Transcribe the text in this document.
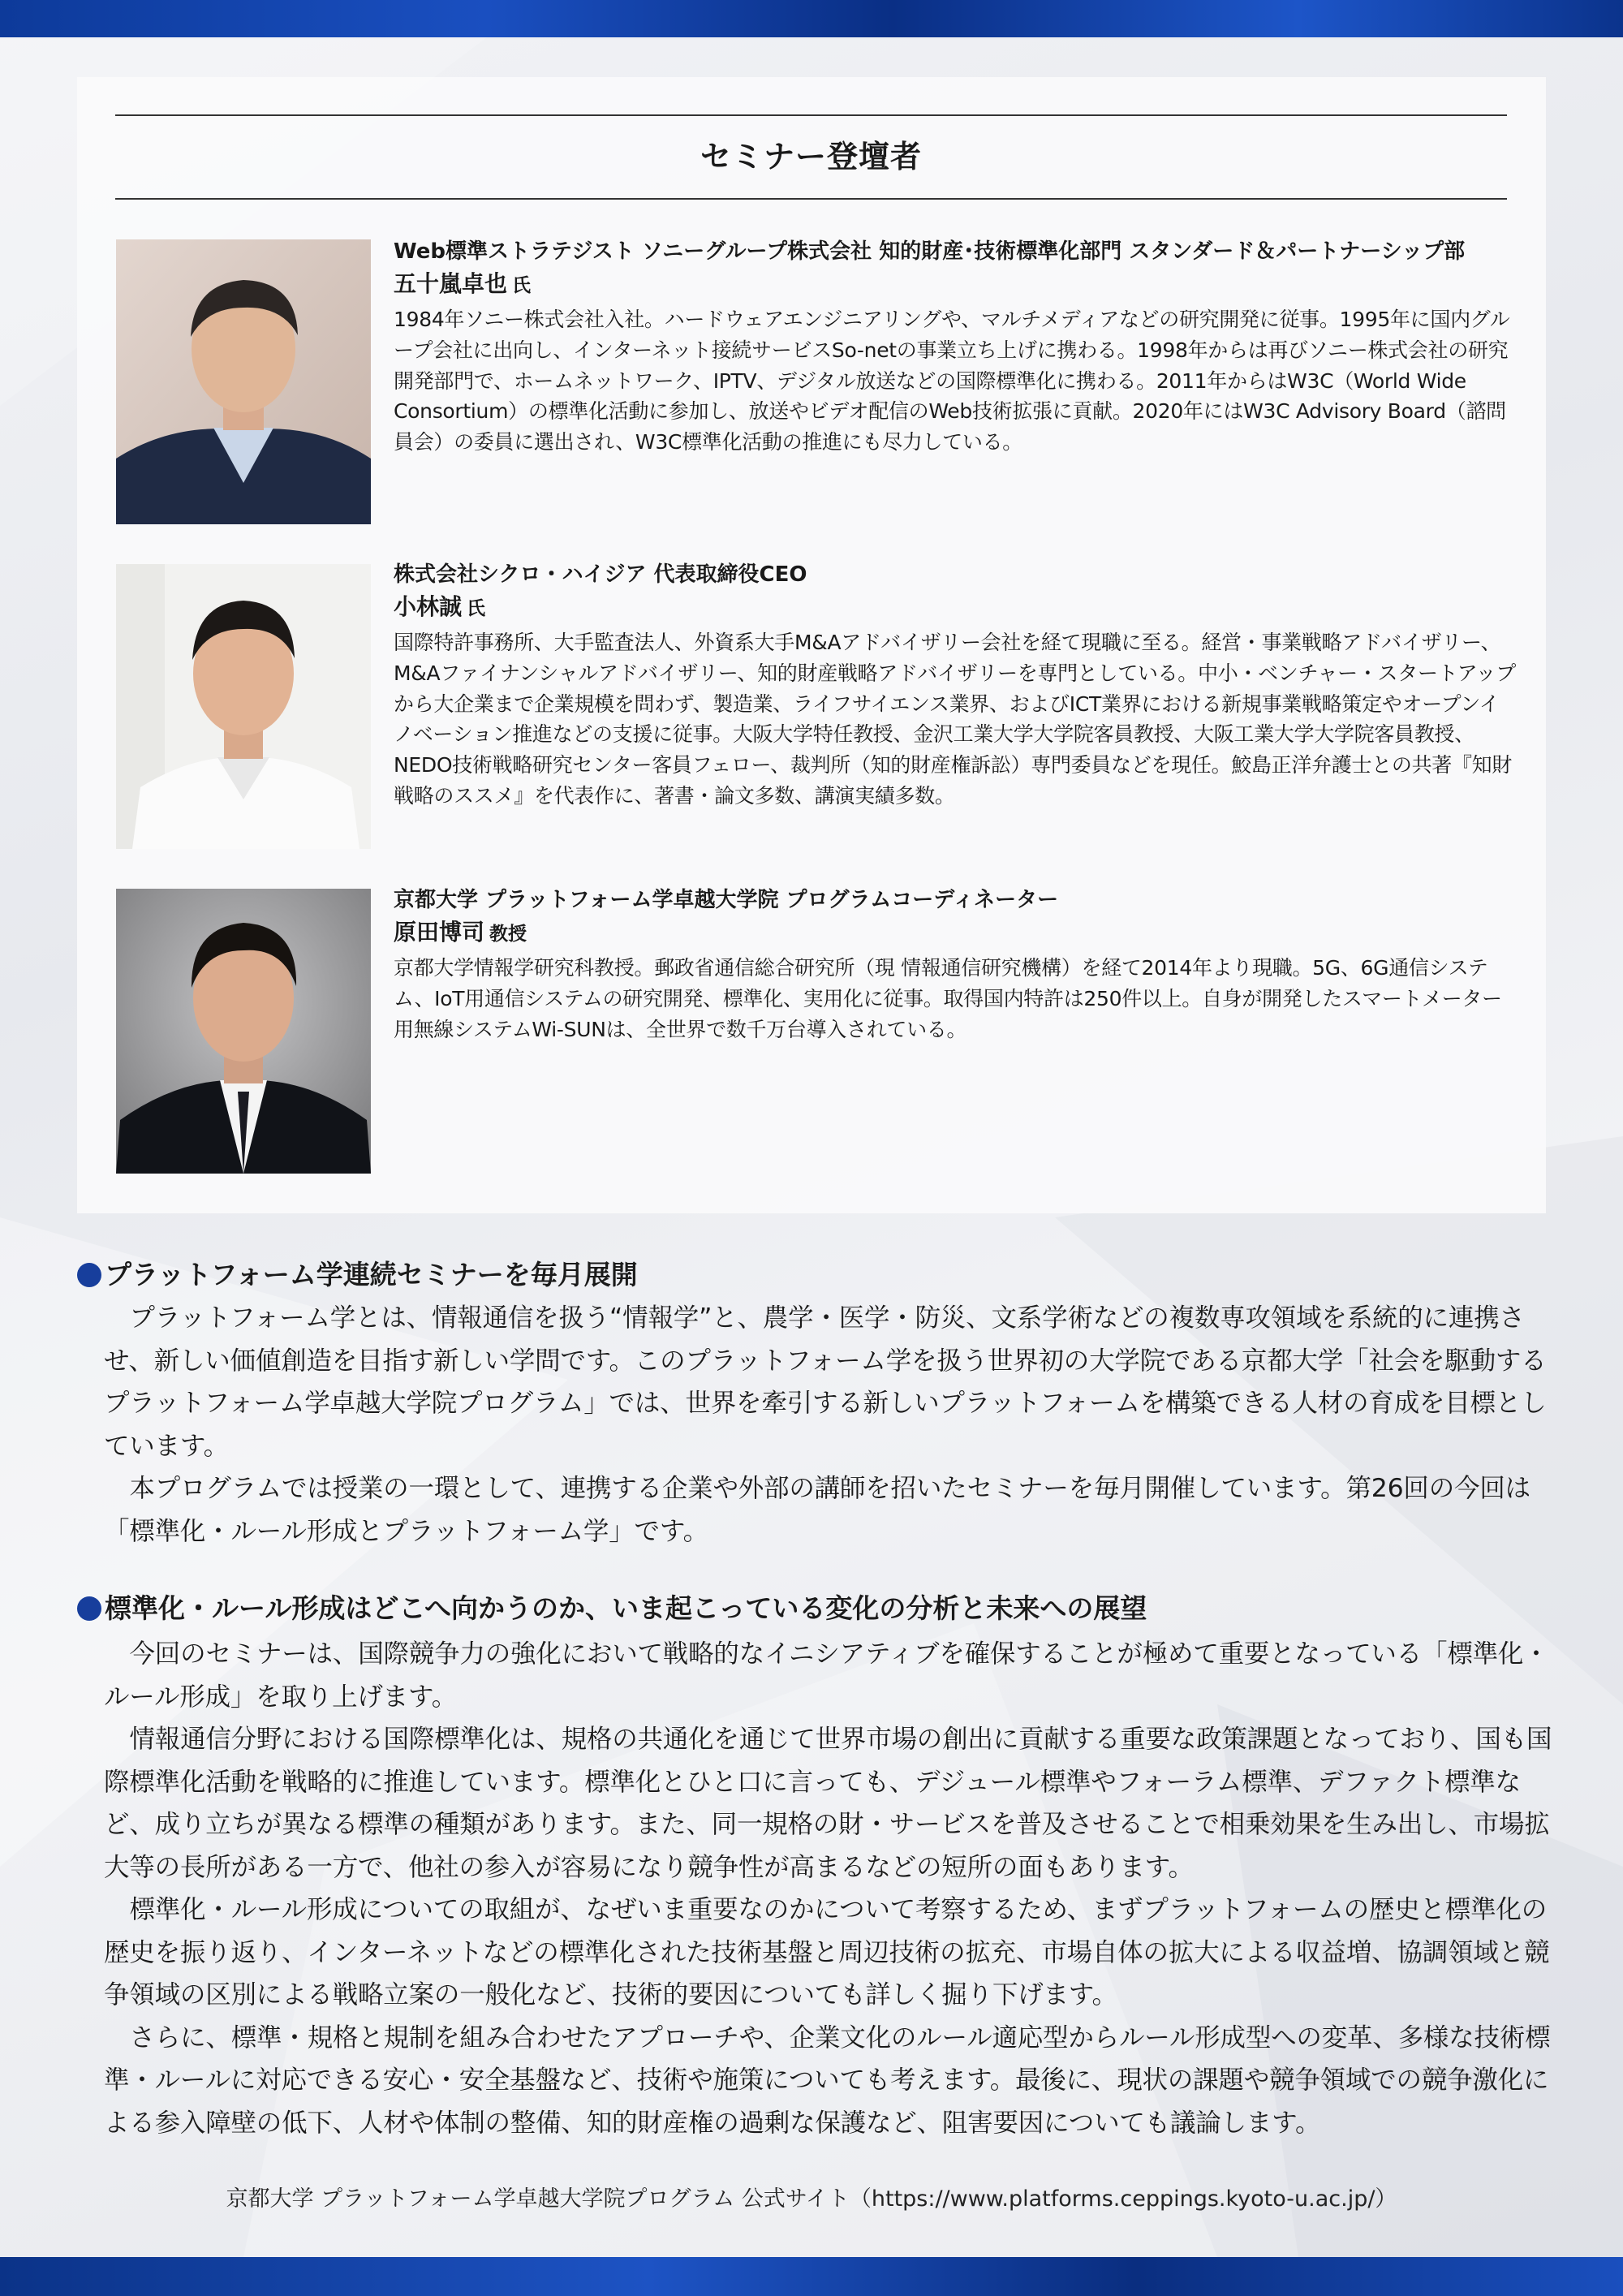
セミナー登壇者
Web標準ストラテジスト ソニーグループ株式会社 知的財産･技術標準化部門 スタンダード＆パートナーシップ部
五十嵐卓也 氏
1984年ソニー株式会社入社。ハードウェアエンジニアリングや、マルチメディアなどの研究開発に従事。1995年に国内グループ会社に出向し、インターネット接続サービスSo-netの事業立ち上げに携わる。1998年からは再びソニー株式会社の研究開発部門で、ホームネットワーク、IPTV、デジタル放送などの国際標準化に携わる。2011年からはW3C（World Wide Consortium）の標準化活動に参加し、放送やビデオ配信のWeb技術拡張に貢献。2020年にはW3C Advisory Board（諮問員会）の委員に選出され、W3C標準化活動の推進にも尽力している。
株式会社シクロ・ハイジア 代表取締役CEO
小林誠 氏
国際特許事務所、大手監査法人、外資系大手M&Aアドバイザリー会社を経て現職に至る。経営・事業戦略アドバイザリー、M&Aファイナンシャルアドバイザリー、知的財産戦略アドバイザリーを専門としている。中小・ベンチャー・スタートアップから大企業まで企業規模を問わず、製造業、ライフサイエンス業界、およびICT業界における新規事業戦略策定やオープンイノベーション推進などの支援に従事。大阪大学特任教授、金沢工業大学大学院客員教授、大阪工業大学大学院客員教授、NEDO技術戦略研究センター客員フェロー、裁判所（知的財産権訴訟）専門委員などを現任。鮫島正洋弁護士との共著『知財戦略のススメ』を代表作に、著書・論文多数、講演実績多数。
京都大学 プラットフォーム学卓越大学院 プログラムコーディネーター
原田博司 教授
京都大学情報学研究科教授。郵政省通信総合研究所（現 情報通信研究機構）を経て2014年より現職。5G、6G通信システム、IoT用通信システムの研究開発、標準化、実用化に従事。取得国内特許は250件以上。自身が開発したスマートメーター用無線システムWi-SUNは、全世界で数千万台導入されている。
プラットフォーム学連続セミナーを毎月展開

プラットフォーム学とは、情報通信を扱う“情報学”と、農学・医学・防災、文系学術などの複数専攻領域を系統的に連携させ、新しい価値創造を目指す新しい学問です。このプラットフォーム学を扱う世界初の大学院である京都大学「社会を駆動するプラットフォーム学卓越大学院プログラム」では、世界を牽引する新しいプラットフォームを構築できる人材の育成を目標としています。

本プログラムでは授業の一環として、連携する企業や外部の講師を招いたセミナーを毎月開催しています。第26回の今回は「標準化・ルール形成とプラットフォーム学」です。

標準化・ルール形成はどこへ向かうのか、いま起こっている変化の分析と未来への展望

今回のセミナーは、国際競争力の強化において戦略的なイニシアティブを確保することが極めて重要となっている「標準化・ルール形成」を取り上げます。

情報通信分野における国際標準化は、規格の共通化を通じて世界市場の創出に貢献する重要な政策課題となっており、国も国際標準化活動を戦略的に推進しています。標準化とひと口に言っても、デジュール標準やフォーラム標準、デファクト標準など、成り立ちが異なる標準の種類があります。また、同一規格の財・サービスを普及させることで相乗効果を生み出し、市場拡大等の長所がある一方で、他社の参入が容易になり競争性が高まるなどの短所の面もあります。

標準化・ルール形成についての取組が、なぜいま重要なのかについて考察するため、まずプラットフォームの歴史と標準化の歴史を振り返り、インターネットなどの標準化された技術基盤と周辺技術の拡充、市場自体の拡大による収益増、協調領域と競争領域の区別による戦略立案の一般化など、技術的要因についても詳しく掘り下げます。

さらに、標準・規格と規制を組み合わせたアプローチや、企業文化のルール適応型からルール形成型への変革、多様な技術標準・ルールに対応できる安心・安全基盤など、技術や施策についても考えます。最後に、現状の課題や競争領域での競争激化による参入障壁の低下、人材や体制の整備、知的財産権の過剰な保護など、阻害要因についても議論します。

京都大学 プラットフォーム学卓越大学院プログラム 公式サイト（https://www.platforms.ceppings.kyoto-u.ac.jp/）
